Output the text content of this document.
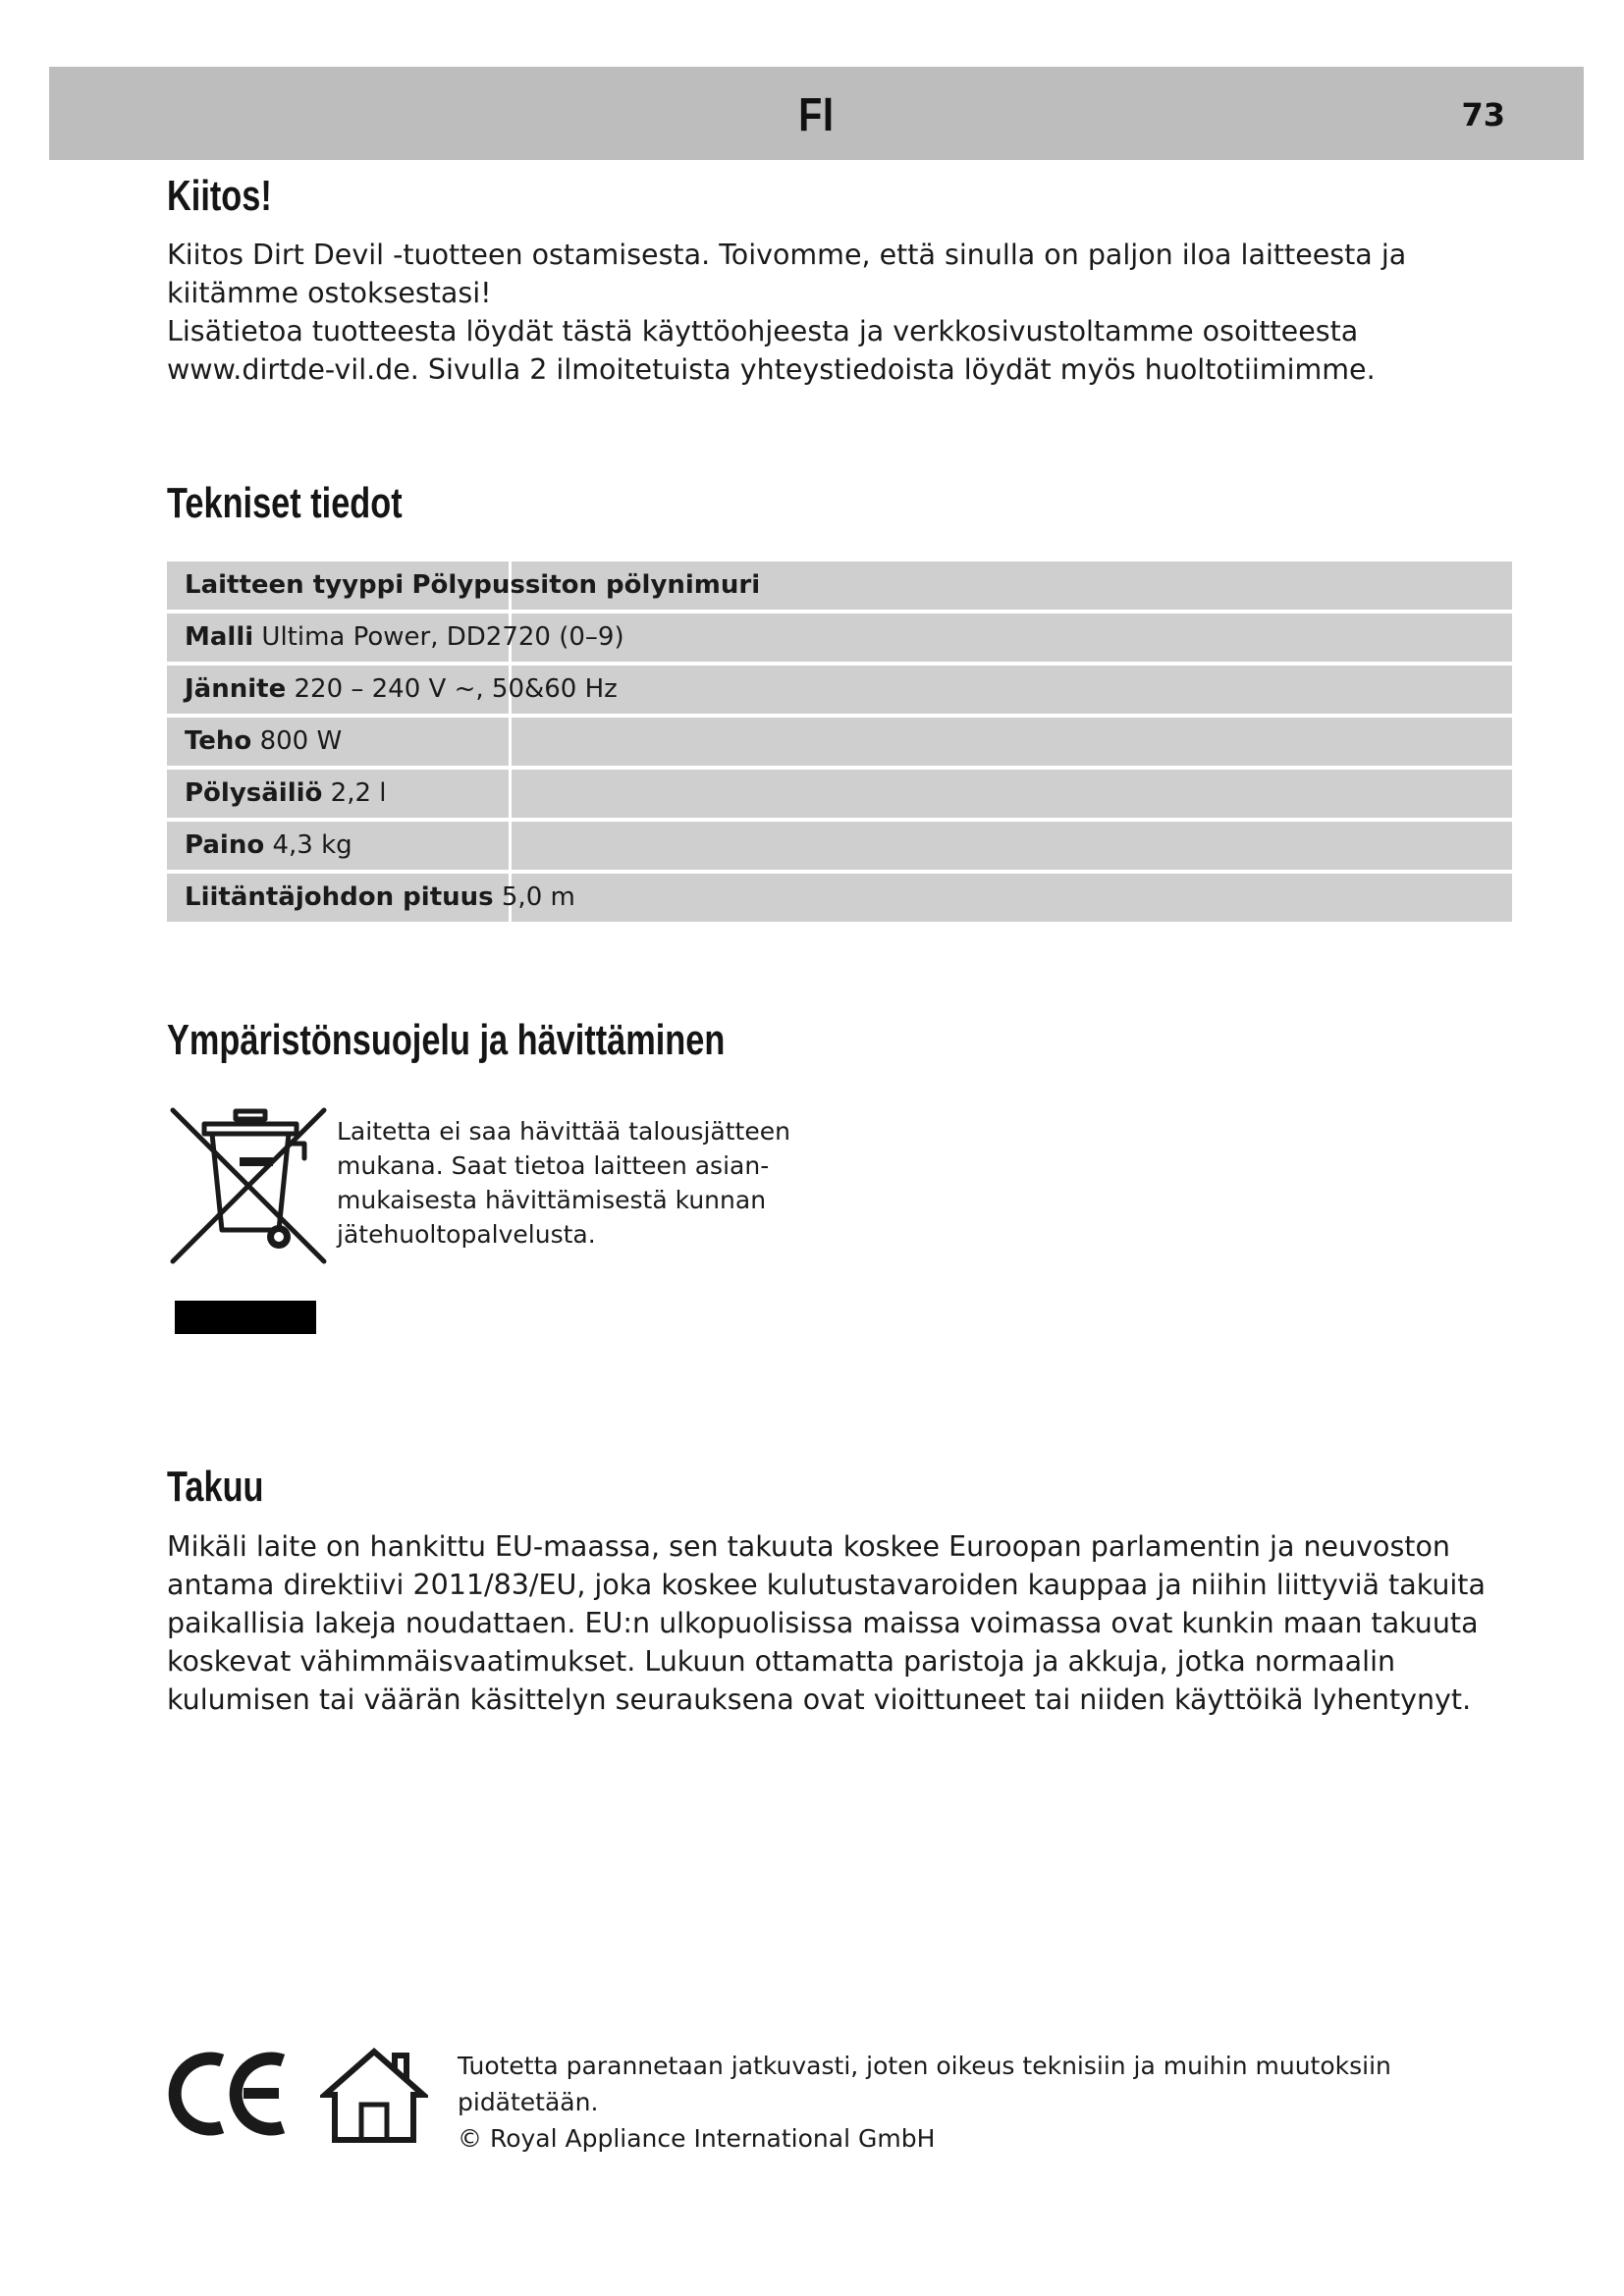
FI	73
Kiitos!

Kiitos Dirt Devil -tuotteen ostamisesta. Toivomme, että sinulla on paljon iloa laitteesta ja kiitämme ostoksestasi!

Lisätietoa tuotteesta löydät tästä käyttöohjeesta ja verkkosivustoltamme osoitteesta www.dirtde-vil.de. Sivulla 2 ilmoitetuista yhteystiedoista löydät myös huoltotiimimme.

Tekniset tiedot
Laitteen tyyppi Pölypussiton pölynimuri

Malli Ultima Power, DD2720 (0–9)

Jännite 220 – 240 V ~, 50&60 Hz

Teho 800 W

Pölysäiliö 2,2 l

Paino 4,3 kg

Liitäntäjohdon pituus 5,0 m
Ympäristönsuojelu ja hävittäminen

Laitetta ei saa hävittää talousjätteen mukana. Saat tietoa laitteen asian-mukaisesta hävittämisestä kunnan jätehuoltopalvelusta.

Takuu

Mikäli laite on hankittu EU-maassa, sen takuuta koskee Euroopan parlamentin ja neuvoston antama direktiivi 2011/83/EU, joka koskee kulutustavaroiden kauppaa ja niihin liittyviä takuita paikallisia lakeja noudattaen. EU:n ulkopuolisissa maissa voimassa ovat kunkin maan takuuta koskevat vähimmäisvaatimukset. Lukuun ottamatta paristoja ja akkuja, jotka normaalin kulumisen tai väärän käsittelyn seurauksena ovat vioittuneet tai niiden käyttöikä lyhentynyt.

Tuotetta parannetaan jatkuvasti, joten oikeus teknisiin ja muihin muutoksiin pidätetään.
© Royal Appliance International GmbH
